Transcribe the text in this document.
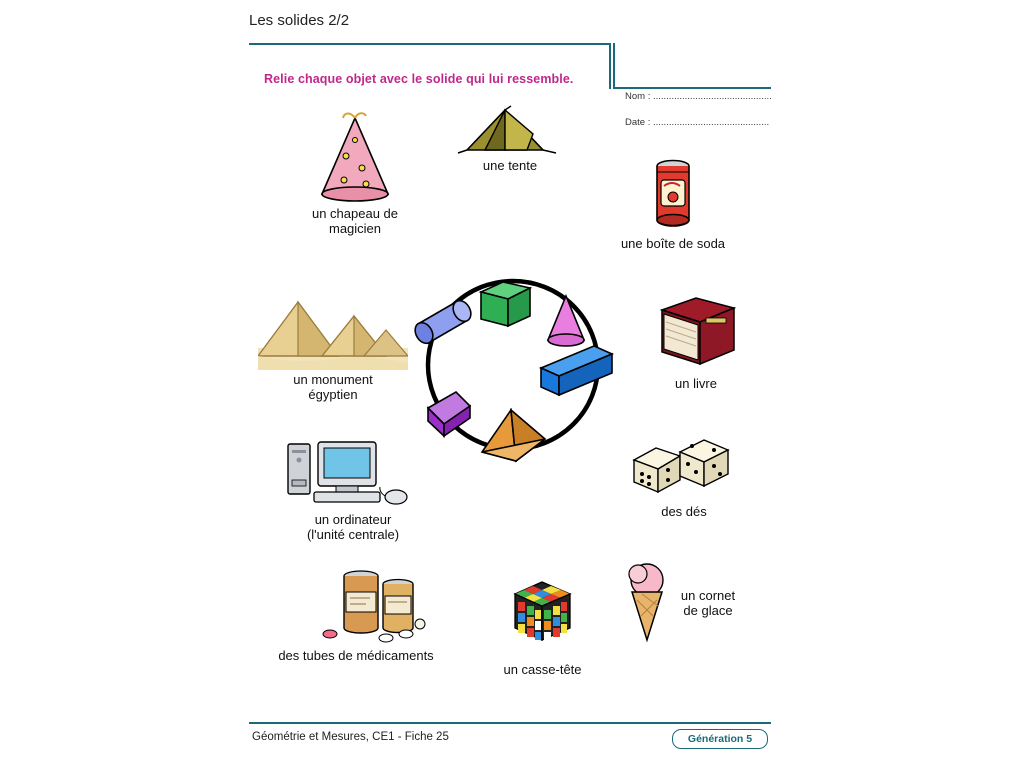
Les solides 2/2
Relie chaque objet avec le solide qui lui ressemble.
Nom : .............................................
Date : ............................................
une tente
un chapeau de
magicien
une boîte de soda
un monument
égyptien
un livre
un ordinateur
(l'unité centrale)
des dés
un cornet
de glace
des tubes de médicaments
un casse-tête
Géométrie et Mesures, CE1 - Fiche 25	Génération 5
